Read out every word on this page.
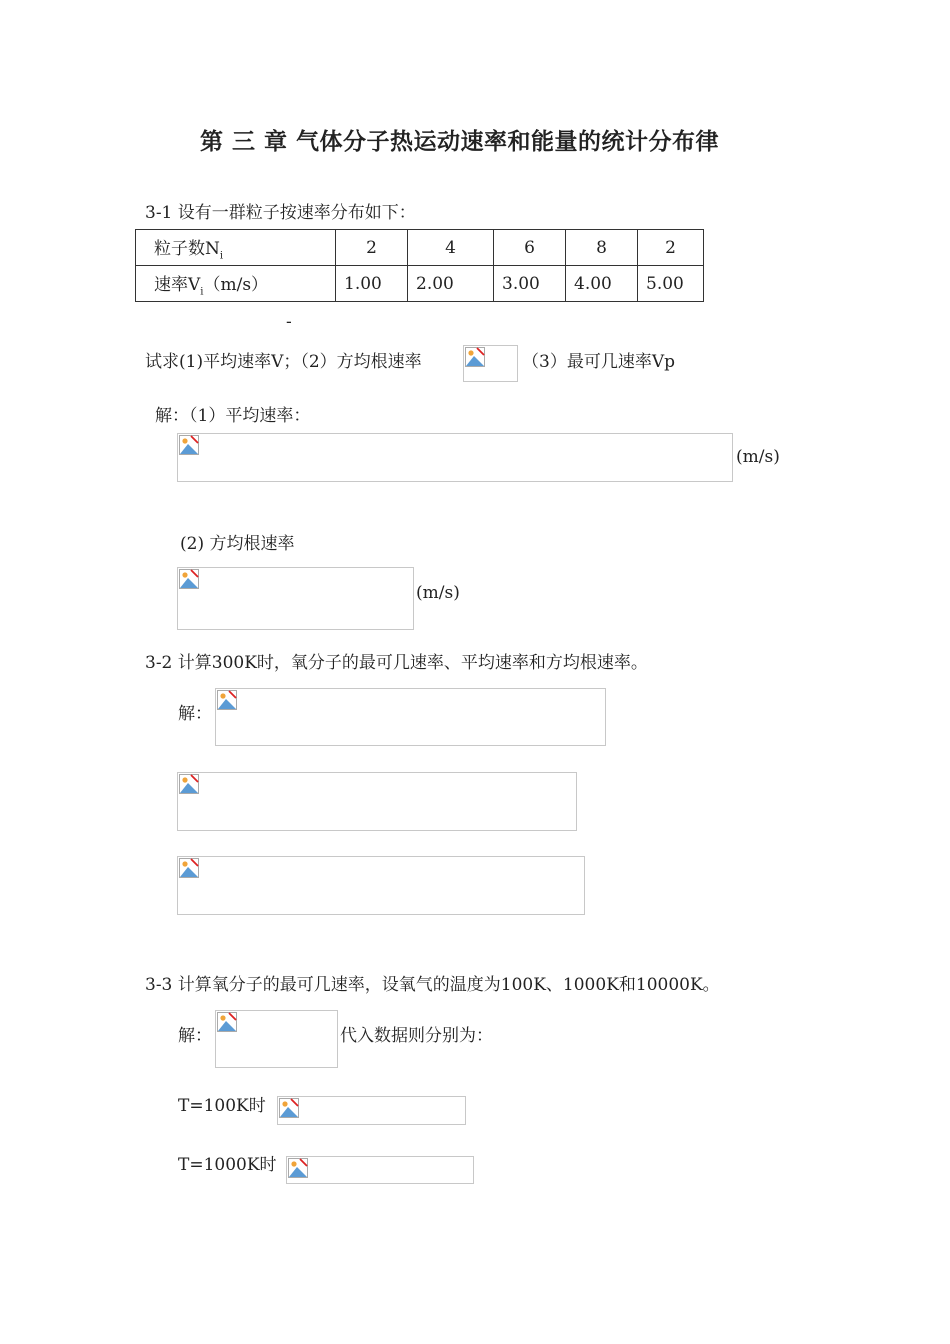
第 三 章 气体分子热运动速率和能量的统计分布律
3-1 设有一群粒子按速率分布如下：
粒子数$N_i$	2	4	6	8	2
速率$V_i(m/s)$	1.00	2.00	3.00	4.00	5.00
-
试求(1)平均速率V；（2）方均根速率	（3）最可几速率Vp
解：（1）平均速率：
(m/s)
(2) 方均根速率
(m/s)
3-2 计算300K时，氧分子的最可几速率、平均速率和方均根速率。
解：
3-3 计算氧分子的最可几速率，设氧气的温度为100K、1000K和10000K。
解：	代入数据则分别为：
T=100K时
T=1000K时
